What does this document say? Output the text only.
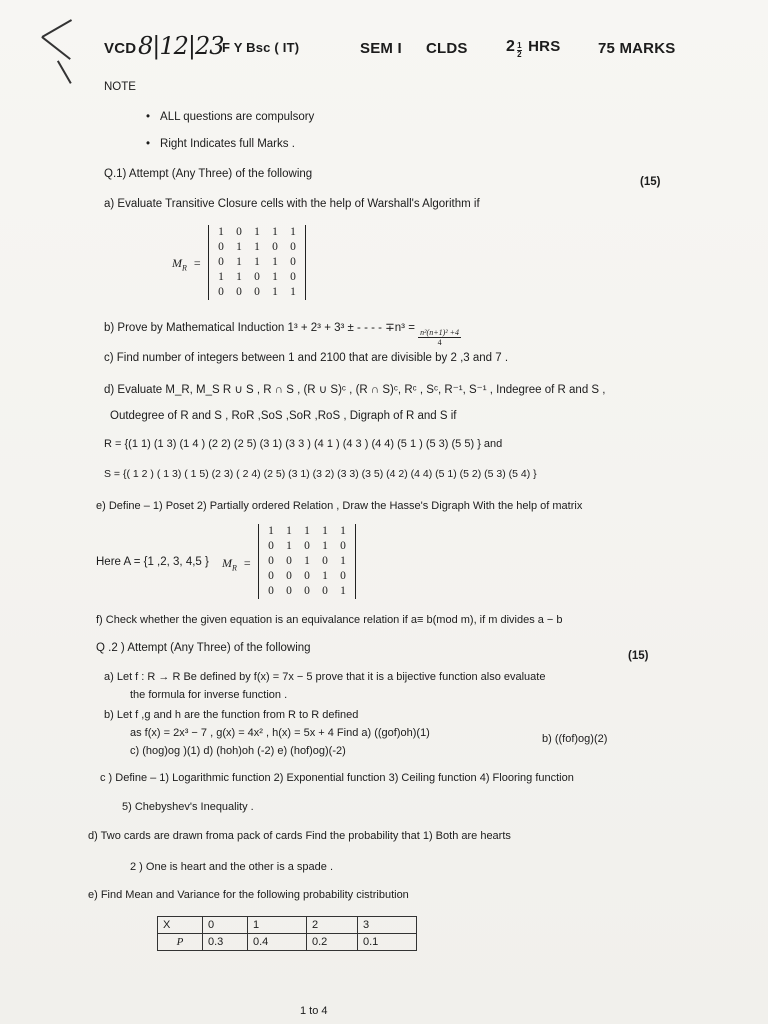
VCD 8|12|23
F Y Bsc ( IT)	SEM I CLDS $2 \frac{1}{2}$ HRS	75 MARKS
NOTE
• ALL questions are compulsory
• Right Indicates full Marks .
Q.1) Attempt (Any Three) of the following
(15)
a) Evaluate Transitive Closure cells with the help of Warshall's Algorithm if
$M_R$ =
1	0	1	1	1
0	1	1	0	0
0	1	1	1	0
1	1	0	1	0
0	0	0	1	1
b) Prove by Mathematical Induction 1³ + 2³ + 3³ ± - - - - $\mp n^3 = \frac{\text{n²(n+1)² +4}}{4}$
c) Find number of integers between 1 and 2100 that are divisible by 2 ,3 and 7 .
d) Evaluate M_R, M_S R ∪ S , R ∩ S , (R ∪ S)ᶜ , (R ∩ S)ᶜ, Rᶜ , Sᶜ, R⁻¹, S⁻¹ , Indegree of R and S ,
Outdegree of R and S , RoR ,SoS ,SoR ,RoS , Digraph of R and S if
R = {(1 1) (1 3) (1 4 ) (2 2) (2 5) (3 1) (3 3 ) (4 1 ) (4 3 ) (4 4) (5 1 ) (5 3) (5 5) } and
S = {( 1 2 ) ( 1 3) ( 1 5) (2 3) ( 2 4) (2 5) (3 1) (3 2) (3 3) (3 5) (4 2) (4 4) (5 1) (5 2) (5 3) (5 4) }
e) Define – 1) Poset 2) Partially ordered Relation , Draw the Hasse's Digraph With the help of matrix
Here A = {1 ,2, 3, 4,5 } $M_R$ =
1	1	1	1	1
0	1	0	1	0
0	0	1	0	1
0	0	0	1	0
0	0	0	0	1
f) Check whether the given equation is an equivalance relation if a≡ b(mod m), if m divides a − b
Q .2 ) Attempt (Any Three) of the following
(15)
a) Let f : R → R Be defined by f(x) = 7x − 5 prove that it is a bijective function also evaluate
the formula for inverse function .
b) Let f ,g and h are the function from R to R defined
as f(x) = 2x³ − 7 , g(x) = 4x² , h(x) = 5x + 4 Find a) ((gof)oh)(1)	b) ((fof)og)(2)
c) (hog)og )(1) d) (hoh)oh (-2) e) (hof)og)(-2)
c ) Define – 1) Logarithmic function 2) Exponential function 3) Ceiling function 4) Flooring function
5) Chebyshev's Inequality .
d) Two cards are drawn froma pack of cards Find the probability that 1) Both are hearts
2 ) One is heart and the other is a spade .
e) Find Mean and Variance for the following probability cistribution
X	0	1	2	3
P	0.3	0.4	0.2	0.1
1 to 4
